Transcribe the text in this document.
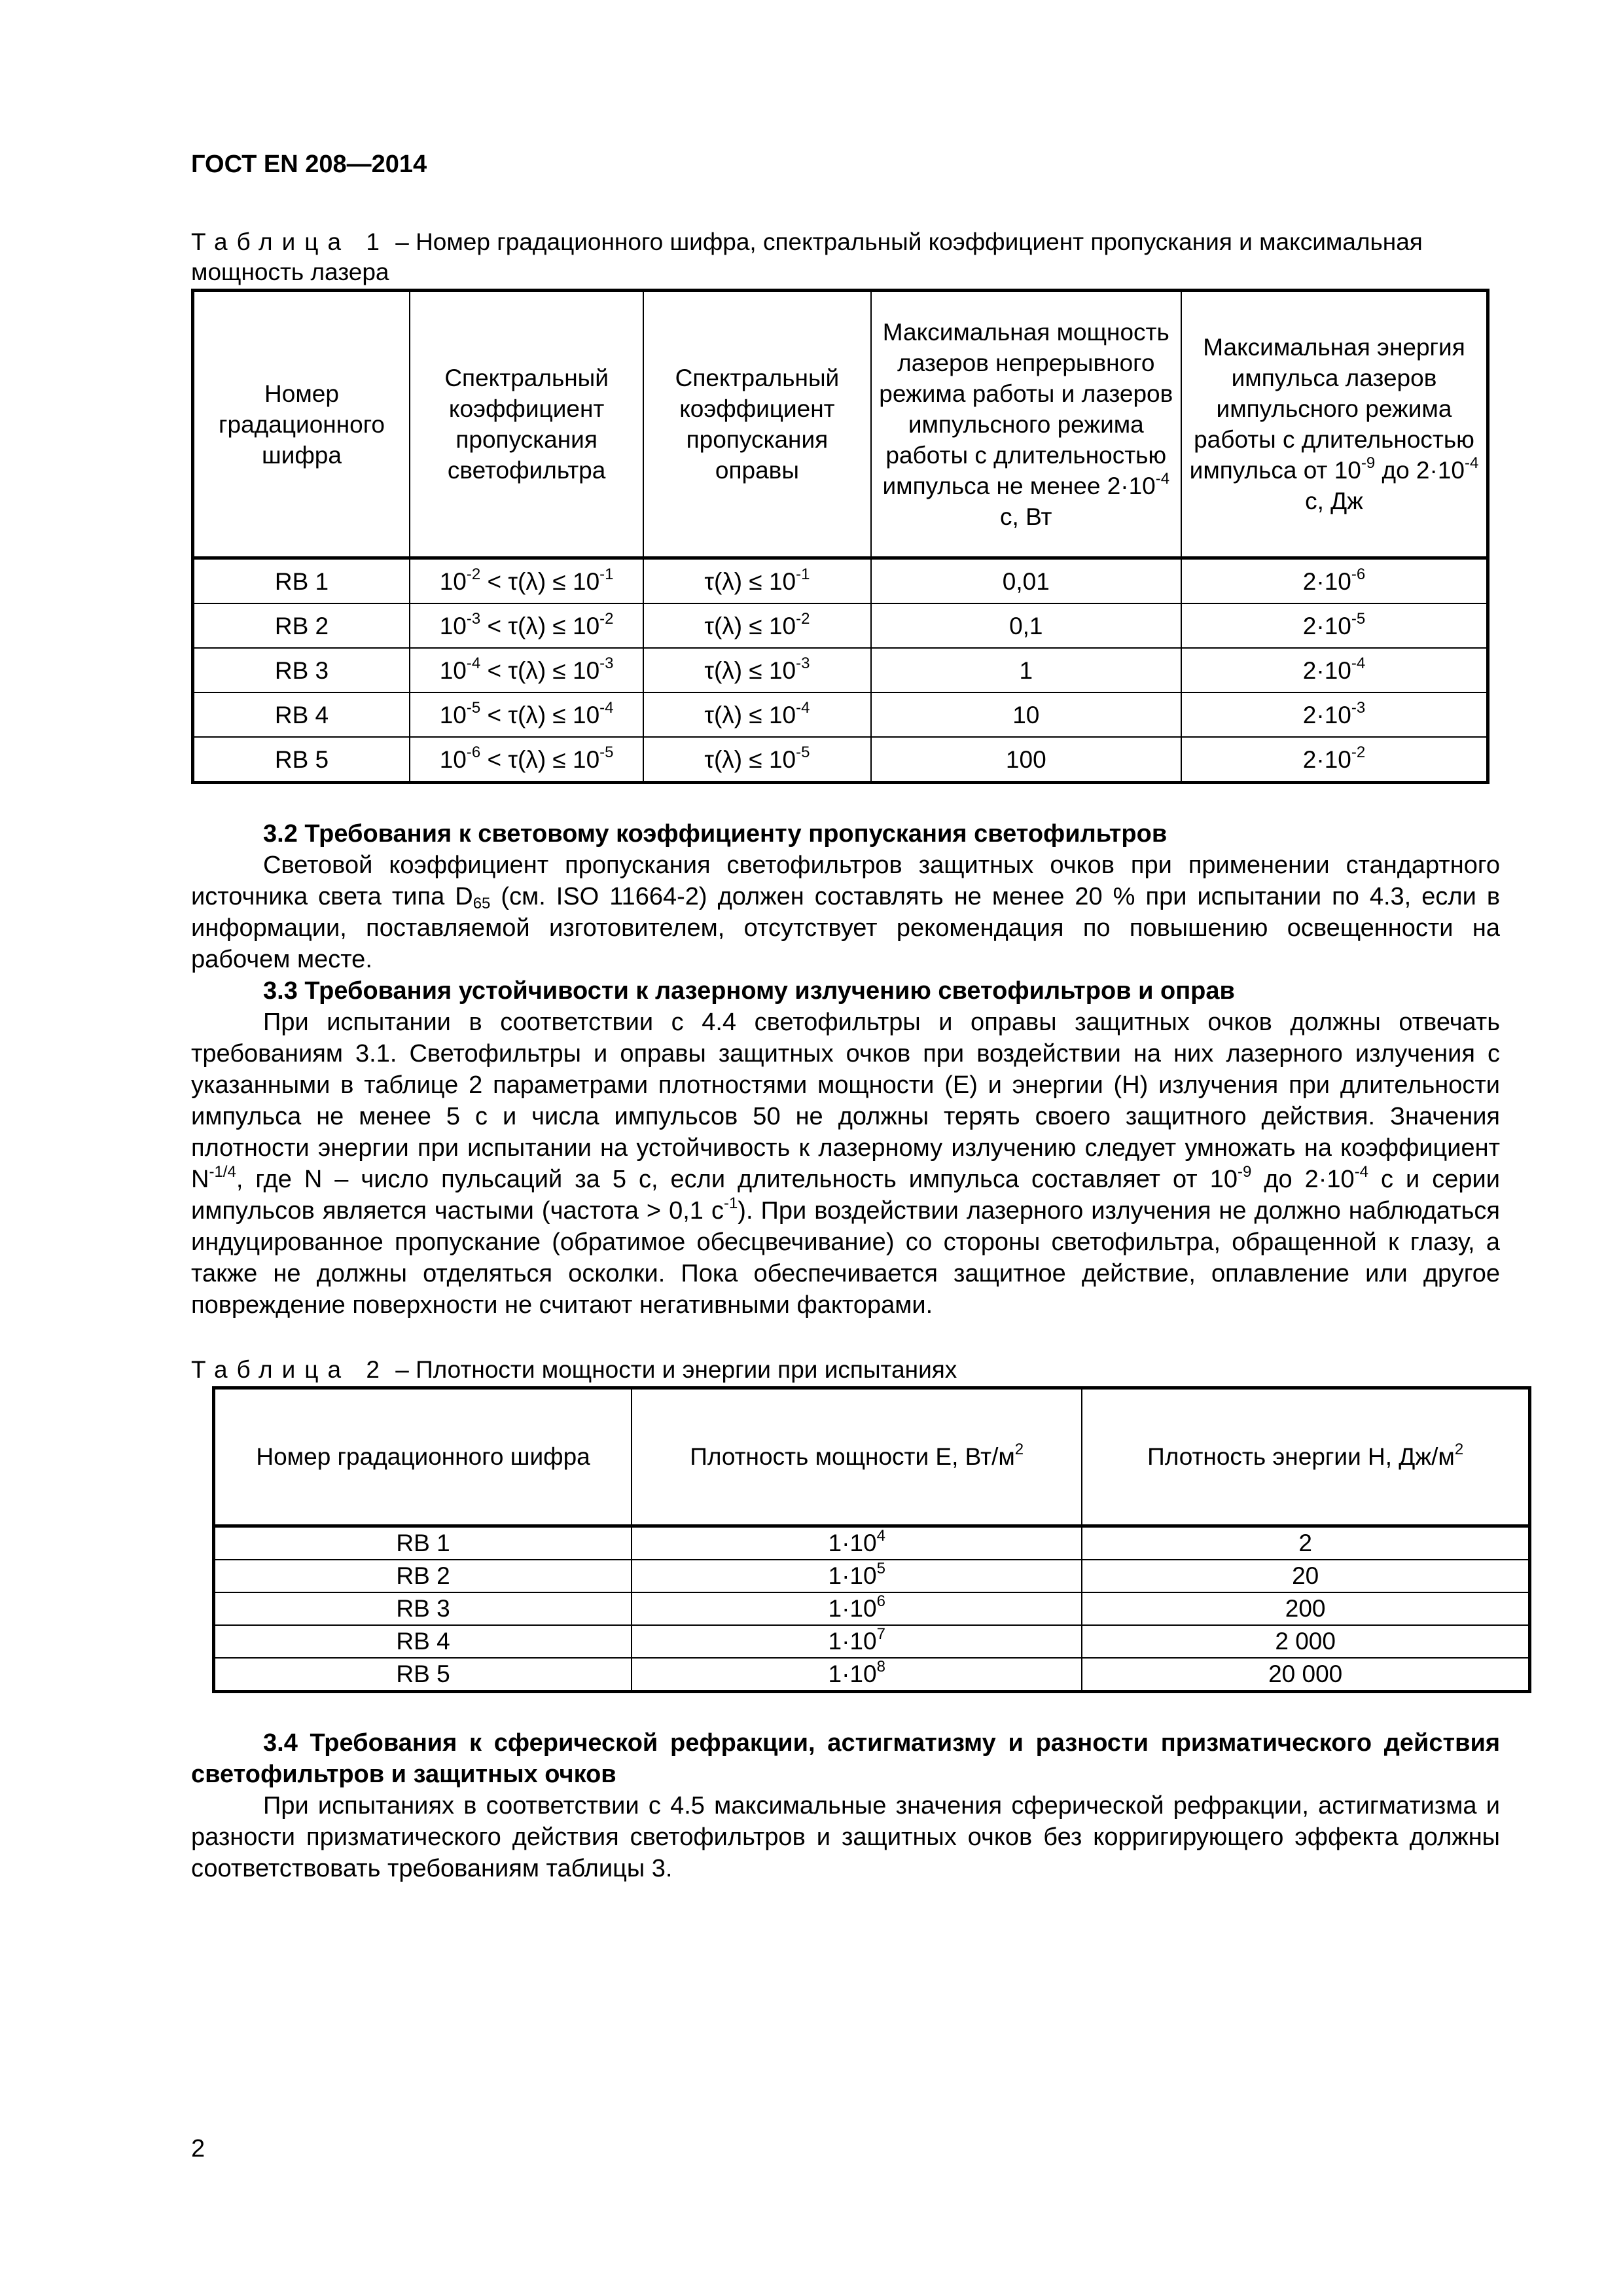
ГОСТ EN 208—2014
Таблица 1 – Номер градационного шифра, спектральный коэффициент пропускания и максимальная мощность лазера
Номер градационного шифра	Спектральный коэффициент пропускания светофильтра	Спектральный коэффициент пропускания оправы	Максимальная мощность лазеров непрерывного режима работы и лазеров импульсного режима работы с длительностью импульса не менее $2\cdot 10^{-4}$ с, Вт	Максимальная энергия импульса лазеров импульсного режима работы с длительностью импульса от $10^{-9}$ до $2\cdot 10^{-4}$ с, Дж
RB 1	$10^{-2} < \tau(\lambda) \le 10^{-1}$	$\tau(\lambda) \le 10^{-1}$	0,01	$2\cdot 10^{-6}$
RB 2	$10^{-3} < \tau(\lambda) \le 10^{-2}$	$\tau(\lambda) \le 10^{-2}$	0,1	$2\cdot 10^{-5}$
RB 3	$10^{-4} < \tau(\lambda) \le 10^{-3}$	$\tau(\lambda) \le 10^{-3}$	1	$2\cdot 10^{-4}$
RB 4	$10^{-5} < \tau(\lambda) \le 10^{-4}$	$\tau(\lambda) \le 10^{-4}$	10	$2\cdot 10^{-3}$
RB 5	$10^{-6} < \tau(\lambda) \le 10^{-5}$	$\tau(\lambda) \le 10^{-5}$	100	$2\cdot 10^{-2}$
3.2 Требования к световому коэффициенту пропускания светофильтров

Световой коэффициент пропускания светофильтров защитных очков при применении стандартного источника света типа $D_{65}$ (см. ISO 11664-2) должен составлять не менее 20 % при испытании по 4.3, если в информации, поставляемой изготовителем, отсутствует рекомендация по повышению освещенности на рабочем месте.

3.3 Требования устойчивости к лазерному излучению светофильтров и оправ

При испытании в соответствии с 4.4 светофильтры и оправы защитных очков должны отвечать требованиям 3.1. Светофильтры и оправы защитных очков при воздействии на них лазерного излучения с указанными в таблице 2 параметрами плотностями мощности (E) и энергии (H) излучения при длительности импульса не менее 5 с и числа импульсов 50 не должны терять своего защитного действия. Значения плотности энергии при испытании на устойчивость к лазерному излучению следует умножать на коэффициент $N^{-1/4}$, где N – число пульсаций за 5 с, если длительность импульса составляет от $10^{-9}$ до $2\cdot 10^{-4}$ с и серии импульсов является частыми (частота > 0,1 $с^{-1}$). При воздействии лазерного излучения не должно наблюдаться индуцированное пропускание (обратимое обесцвечивание) со стороны светофильтра, обращенной к глазу, а также не должны отделяться осколки. Пока обеспечивается защитное действие, оплавление или другое повреждение поверхности не считают негативными факторами.

Таблица 2 – Плотности мощности и энергии при испытаниях
Номер градационного шифра	Плотность мощности E, $Вт/м^2$	Плотность энергии H, $Дж/м^2$
RB 1	$1\cdot 10^4$	2
RB 2	$1\cdot 10^5$	20
RB 3	$1\cdot 10^6$	200
RB 4	$1\cdot 10^7$	2 000
RB 5	$1\cdot 10^8$	20 000
3.4 Требования к сферической рефракции, астигматизму и разности призматического действия светофильтров и защитных очков

При испытаниях в соответствии с 4.5 максимальные значения сферической рефракции, астигматизма и разности призматического действия светофильтров и защитных очков без корригирующего эффекта должны соответствовать требованиям таблицы 3.

2
